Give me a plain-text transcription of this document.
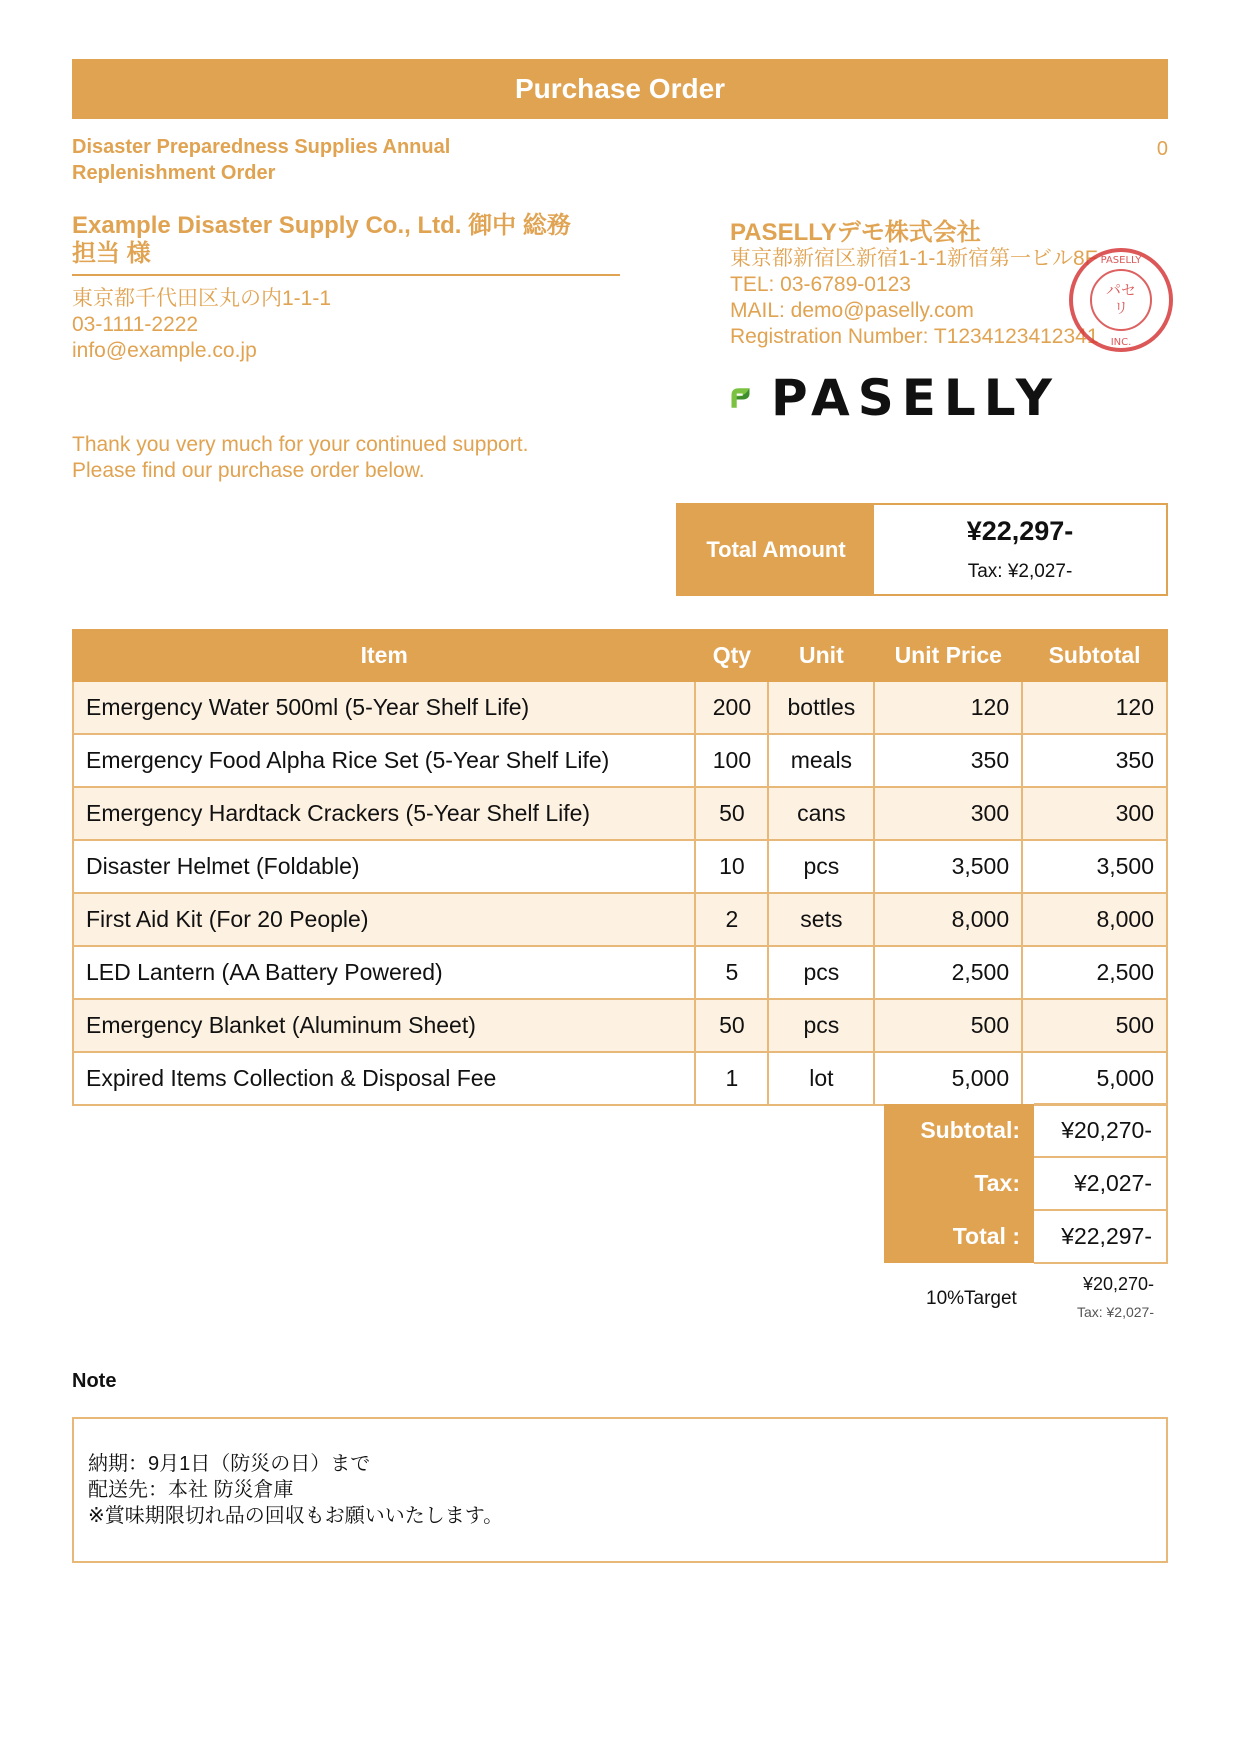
Purchase Order
Disaster Preparedness Supplies Annual
Replenishment Order
0
Example Disaster Supply Co., Ltd. 御中 総務
担当 様
東京都千代田区丸の内1-1-1
03-1111-2222
info@example.co.jp
Thank you very much for your continued support.
Please find our purchase order below.
PASELLYデモ株式会社
東京都新宿区新宿1-1-1新宿第一ビル8F
TEL: 03-6789-0123
MAIL: demo@paselly.com
Registration Number: T1234123412341
パセ
リ
PASELLY
INC.
PASELLY
Total Amount
¥22,297-
Tax: ¥2,027-
Item	Qty	Unit	Unit Price	Subtotal
Emergency Water 500ml (5-Year Shelf Life)	200	bottles	120	120
Emergency Food Alpha Rice Set (5-Year Shelf Life)	100	meals	350	350
Emergency Hardtack Crackers (5-Year Shelf Life)	50	cans	300	300
Disaster Helmet (Foldable)	10	pcs	3,500	3,500
First Aid Kit (For 20 People)	2	sets	8,000	8,000
LED Lantern (AA Battery Powered)	5	pcs	2,500	2,500
Emergency Blanket (Aluminum Sheet)	50	pcs	500	500
Expired Items Collection & Disposal Fee	1	lot	5,000	5,000
Subtotal:	¥20,270-
Tax:	¥2,027-
Total :	¥22,297-
10%Target
¥20,270-
Tax: ¥2,027-
Note
納期：9月1日（防災の日）まで
配送先：本社 防災倉庫
※賞味期限切れ品の回収もお願いいたします。
